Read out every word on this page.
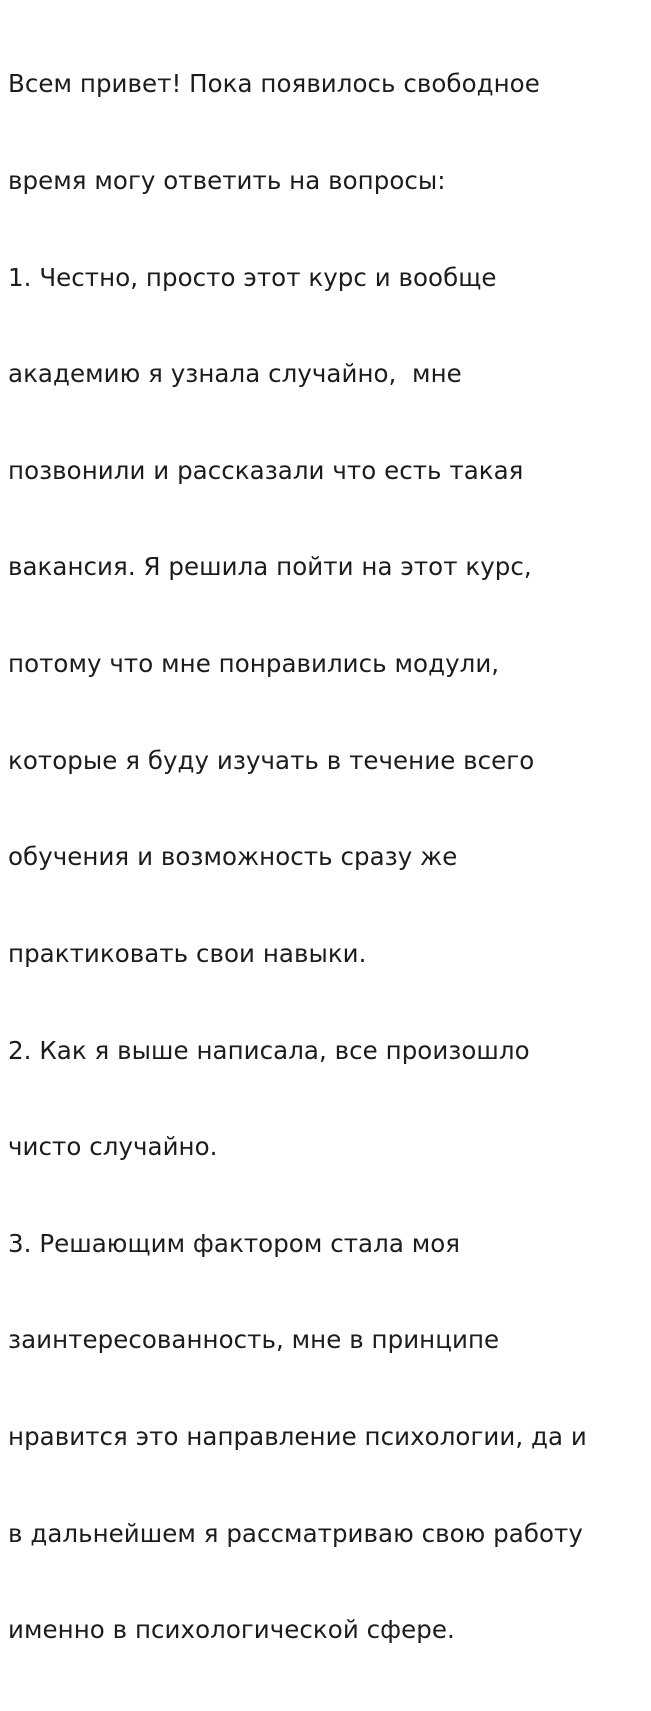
Всем привет! Пока появилось свободное

время могу ответить на вопросы:

1. Честно, просто этот курс и вообще

академию я узнала случайно,  мне

позвонили и рассказали что есть такая

вакансия. Я решила пойти на этот курс,

потому что мне понравились модули,

которые я буду изучать в течение всего

обучения и возможность сразу же

практиковать свои навыки.

2. Как я выше написала, все произошло

чисто случайно.

3. Решающим фактором стала моя

заинтересованность, мне в принципе

нравится это направление психологии, да и

в дальнейшем я рассматриваю свою работу

именно в психологической сфере.
